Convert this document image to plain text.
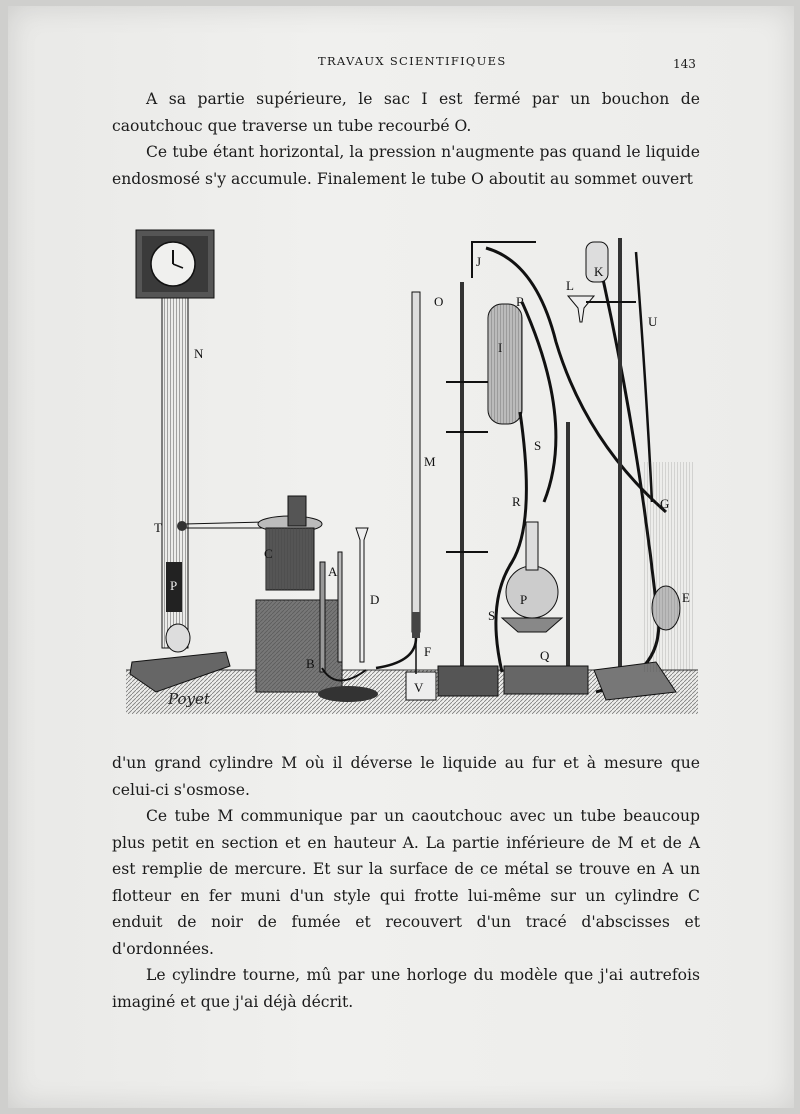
TRAVAUX SCIENTIFIQUES	143

A sa partie supérieure, le sac I est fermé par un bouchon de caoutchouc que traverse un tube recourbé O.

Ce tube étant horizontal, la pression n'augmente pas quand le liquide endosmosé s'y accumule. Finalement le tube O aboutit au sommet ouvert

N
T
P
C
A
B
D
O
M
F
V
J
I
R
R
S
S
P
Q
L
K
U
G
E
Poyet

d'un grand cylindre M où il déverse le liquide au fur et à mesure que celui-ci s'osmose.

Ce tube M communique par un caoutchouc avec un tube beaucoup plus petit en section et en hauteur A. La partie inférieure de M et de A est remplie de mercure. Et sur la surface de ce métal se trouve en A un flotteur en fer muni d'un style qui frotte lui-même sur un cylindre C enduit de noir de fumée et recouvert d'un tracé d'abscisses et d'ordonnées.

Le cylindre tourne, mû par une horloge du modèle que j'ai autrefois imaginé et que j'ai déjà décrit.
